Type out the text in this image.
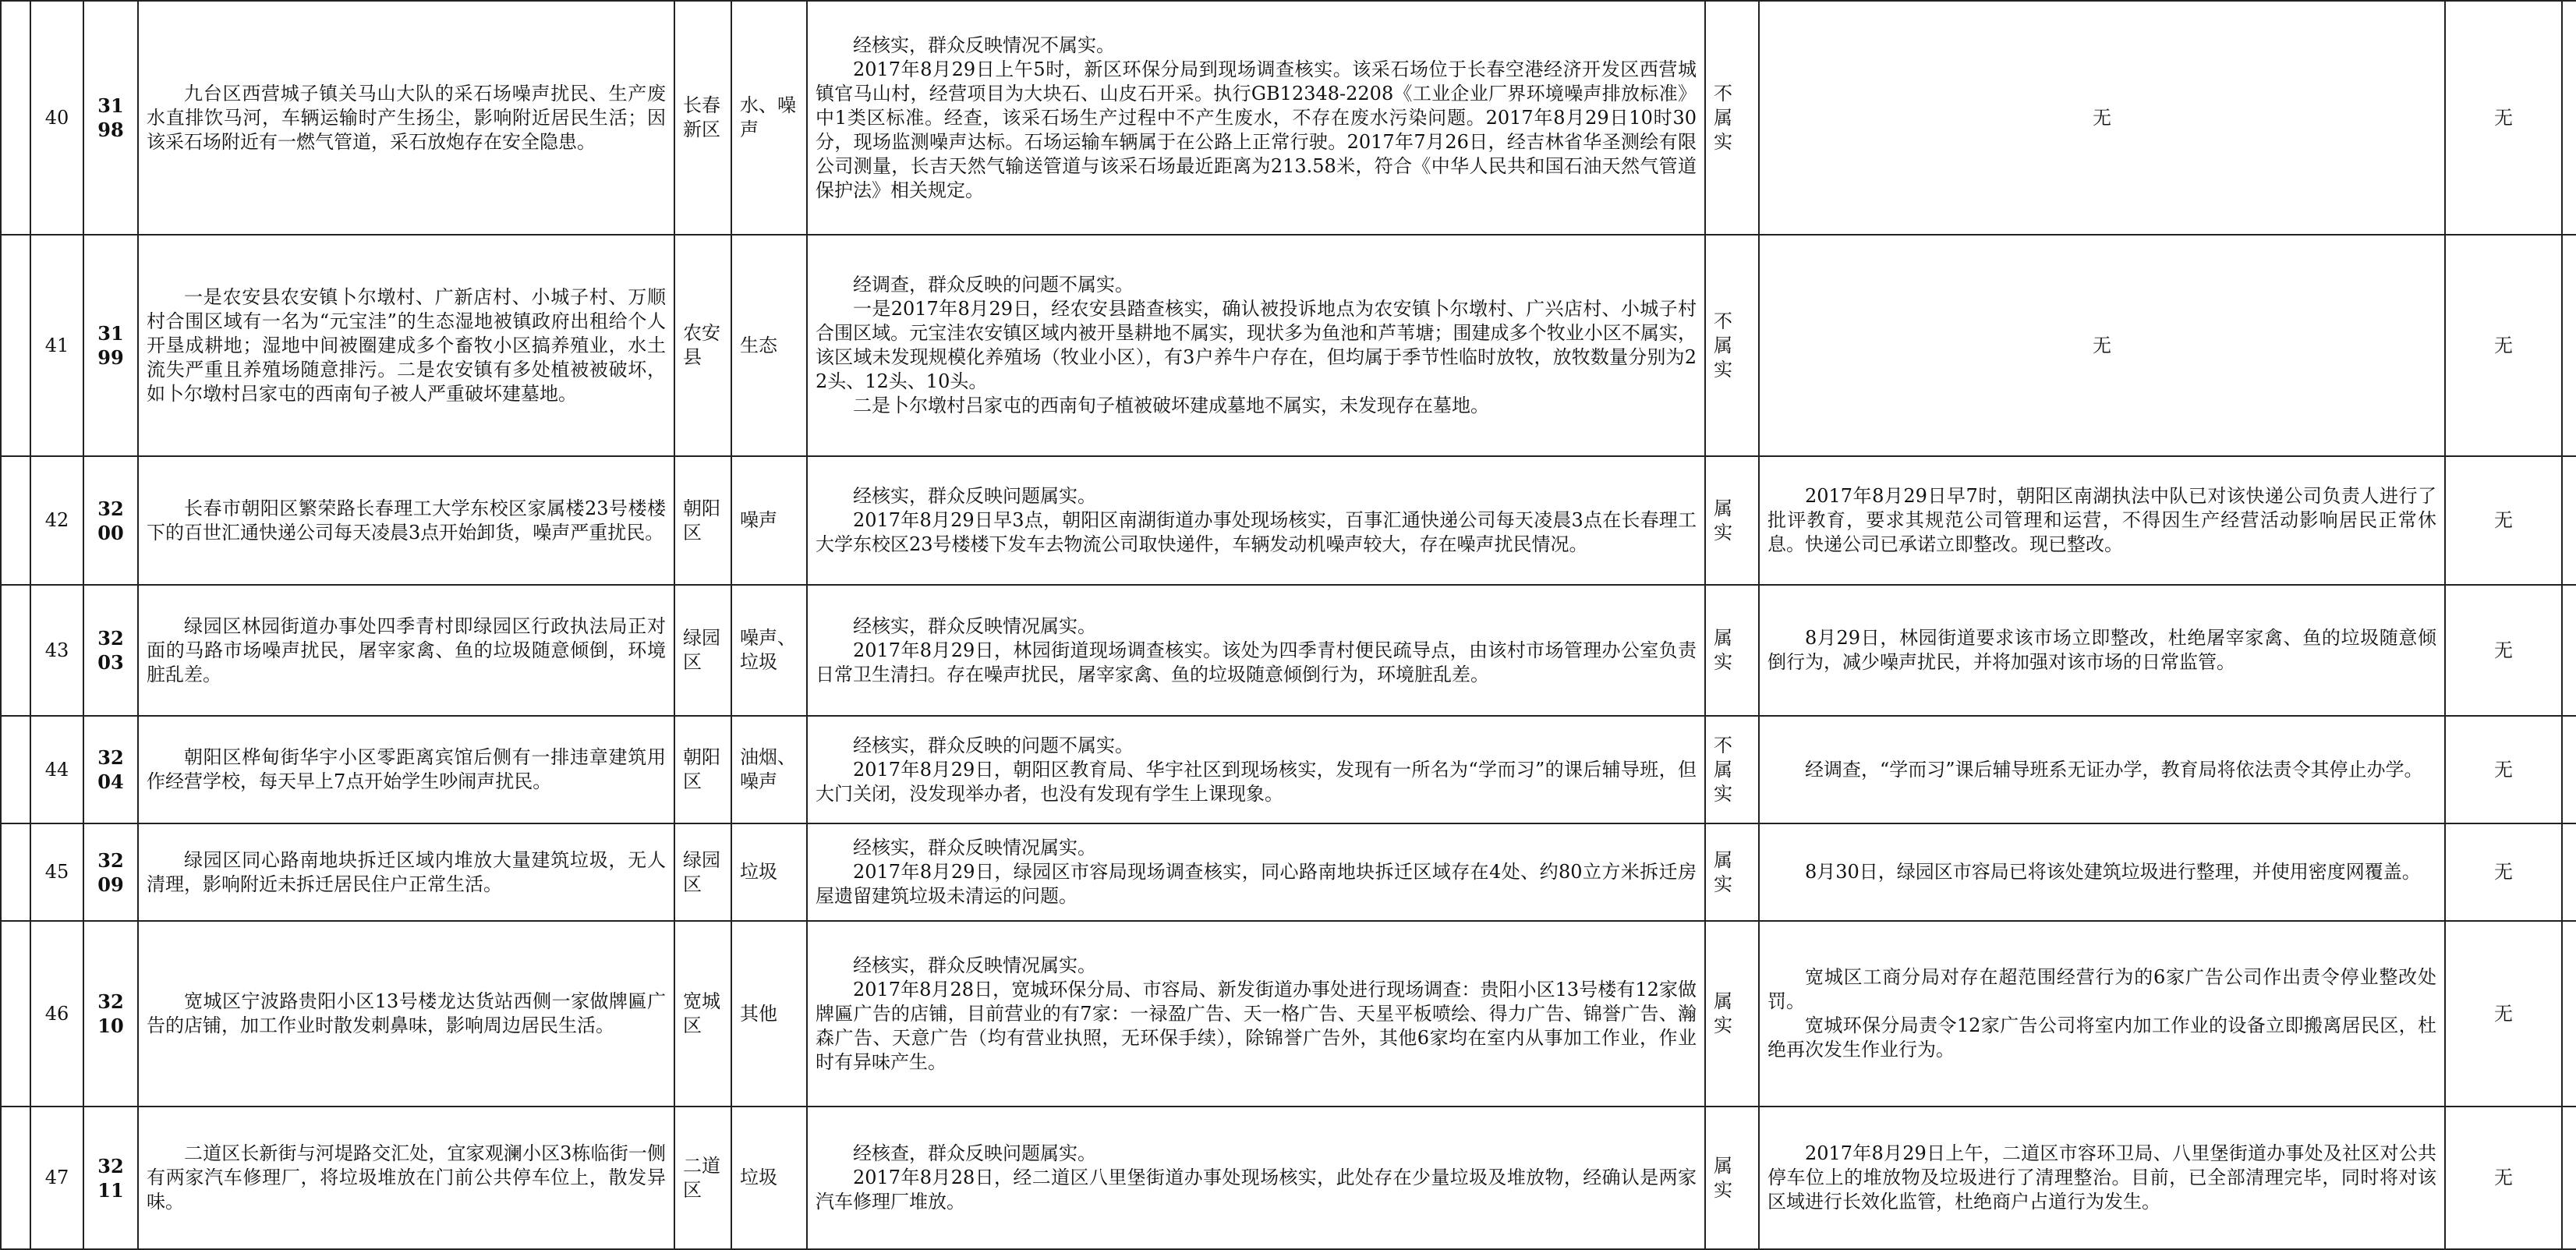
	40	3198	九台区西营城子镇关马山大队的采石场噪声扰民、生产废水直排饮马河，车辆运输时产生扬尘，影响附近居民生活；因该采石场附近有一燃气管道，采石放炮存在安全隐患。	长春新区	水、噪声	经核实，群众反映情况不属实。
2017年8月29日上午5时，新区环保分局到现场调查核实。该采石场位于长春空港经济开发区西营城镇官马山村，经营项目为大块石、山皮石开采。执行GB12348-2208《工业企业厂界环境噪声排放标准》中1类区标准。经查，该采石场生产过程中不产生废水，不存在废水污染问题。2017年8月29日10时30分，现场监测噪声达标。石场运输车辆属于在公路上正常行驶。2017年7月26日，经吉林省华圣测绘有限公司测量，长吉天然气输送管道与该采石场最近距离为213.58米，符合《中华人民共和国石油天然气管道保护法》相关规定。	不属实	无	无	
	41	3199	一是农安县农安镇卜尔墩村、广新店村、小城子村、万顺村合围区域有一名为“元宝洼”的生态湿地被镇政府出租给个人开垦成耕地；湿地中间被圈建成多个畜牧小区搞养殖业，水土流失严重且养殖场随意排污。二是农安镇有多处植被被破坏，如卜尔墩村吕家屯的西南旬子被人严重破坏建墓地。	农安县	生态	经调查，群众反映的问题不属实。
一是2017年8月29日，经农安县踏查核实，确认被投诉地点为农安镇卜尔墩村、广兴店村、小城子村合围区域。元宝洼农安镇区域内被开垦耕地不属实，现状多为鱼池和芦苇塘；围建成多个牧业小区不属实，该区域未发现规模化养殖场（牧业小区），有3户养牛户存在，但均属于季节性临时放牧，放牧数量分别为22头、12头、10头。
二是卜尔墩村吕家屯的西南旬子植被破坏建成墓地不属实，未发现存在墓地。	不属实	无	无	
	42	3200	长春市朝阳区繁荣路长春理工大学东校区家属楼23号楼楼下的百世汇通快递公司每天凌晨3点开始卸货，噪声严重扰民。	朝阳区	噪声	经核实，群众反映问题属实。
2017年8月29日早3点，朝阳区南湖街道办事处现场核实，百事汇通快递公司每天凌晨3点在长春理工大学东校区23号楼楼下发车去物流公司取快递件，车辆发动机噪声较大，存在噪声扰民情况。	属实	2017年8月29日早7时，朝阳区南湖执法中队已对该快递公司负责人进行了批评教育，要求其规范公司管理和运营，不得因生产经营活动影响居民正常休息。快递公司已承诺立即整改。现已整改。	无	
	43	3203	绿园区林园街道办事处四季青村即绿园区行政执法局正对面的马路市场噪声扰民，屠宰家禽、鱼的垃圾随意倾倒，环境脏乱差。	绿园区	噪声、垃圾	经核实，群众反映情况属实。
2017年8月29日，林园街道现场调查核实。该处为四季青村便民疏导点，由该村市场管理办公室负责日常卫生清扫。存在噪声扰民，屠宰家禽、鱼的垃圾随意倾倒行为，环境脏乱差。	属实	8月29日，林园街道要求该市场立即整改，杜绝屠宰家禽、鱼的垃圾随意倾倒行为，减少噪声扰民，并将加强对该市场的日常监管。	无	
	44	3204	朝阳区桦甸街华宇小区零距离宾馆后侧有一排违章建筑用作经营学校，每天早上7点开始学生吵闹声扰民。	朝阳区	油烟、噪声	经核实，群众反映的问题不属实。
2017年8月29日，朝阳区教育局、华宇社区到现场核实，发现有一所名为“学而习”的课后辅导班，但大门关闭，没发现举办者，也没有发现有学生上课现象。	不属实	经调查，“学而习”课后辅导班系无证办学，教育局将依法责令其停止办学。	无	
	45	3209	绿园区同心路南地块拆迁区域内堆放大量建筑垃圾，无人清理，影响附近未拆迁居民住户正常生活。	绿园区	垃圾	经核实，群众反映情况属实。
2017年8月29日，绿园区市容局现场调查核实，同心路南地块拆迁区域存在4处、约80立方米拆迁房屋遗留建筑垃圾未清运的问题。	属实	8月30日，绿园区市容局已将该处建筑垃圾进行整理，并使用密度网覆盖。	无	
	46	3210	宽城区宁波路贵阳小区13号楼龙达货站西侧一家做牌匾广告的店铺，加工作业时散发刺鼻味，影响周边居民生活。	宽城区	其他	经核实，群众反映情况属实。
2017年8月28日，宽城环保分局、市容局、新发街道办事处进行现场调查：贵阳小区13号楼有12家做牌匾广告的店铺，目前营业的有7家：一禄盈广告、天一格广告、天星平板喷绘、得力广告、锦誉广告、瀚森广告、天意广告（均有营业执照，无环保手续），除锦誉广告外，其他6家均在室内从事加工作业，作业时有异味产生。	属实	宽城区工商分局对存在超范围经营行为的6家广告公司作出责令停业整改处罚。
宽城环保分局责令12家广告公司将室内加工作业的设备立即搬离居民区，杜绝再次发生作业行为。	无	
	47	3211	二道区长新街与河堤路交汇处，宜家观澜小区3栋临街一侧有两家汽车修理厂，将垃圾堆放在门前公共停车位上，散发异味。	二道区	垃圾	经核查，群众反映问题属实。
2017年8月28日，经二道区八里堡街道办事处现场核实，此处存在少量垃圾及堆放物，经确认是两家汽车修理厂堆放。	属实	2017年8月29日上午，二道区市容环卫局、八里堡街道办事处及社区对公共停车位上的堆放物及垃圾进行了清理整治。目前，已全部清理完毕，同时将对该区域进行长效化监管，杜绝商户占道行为发生。	无	
